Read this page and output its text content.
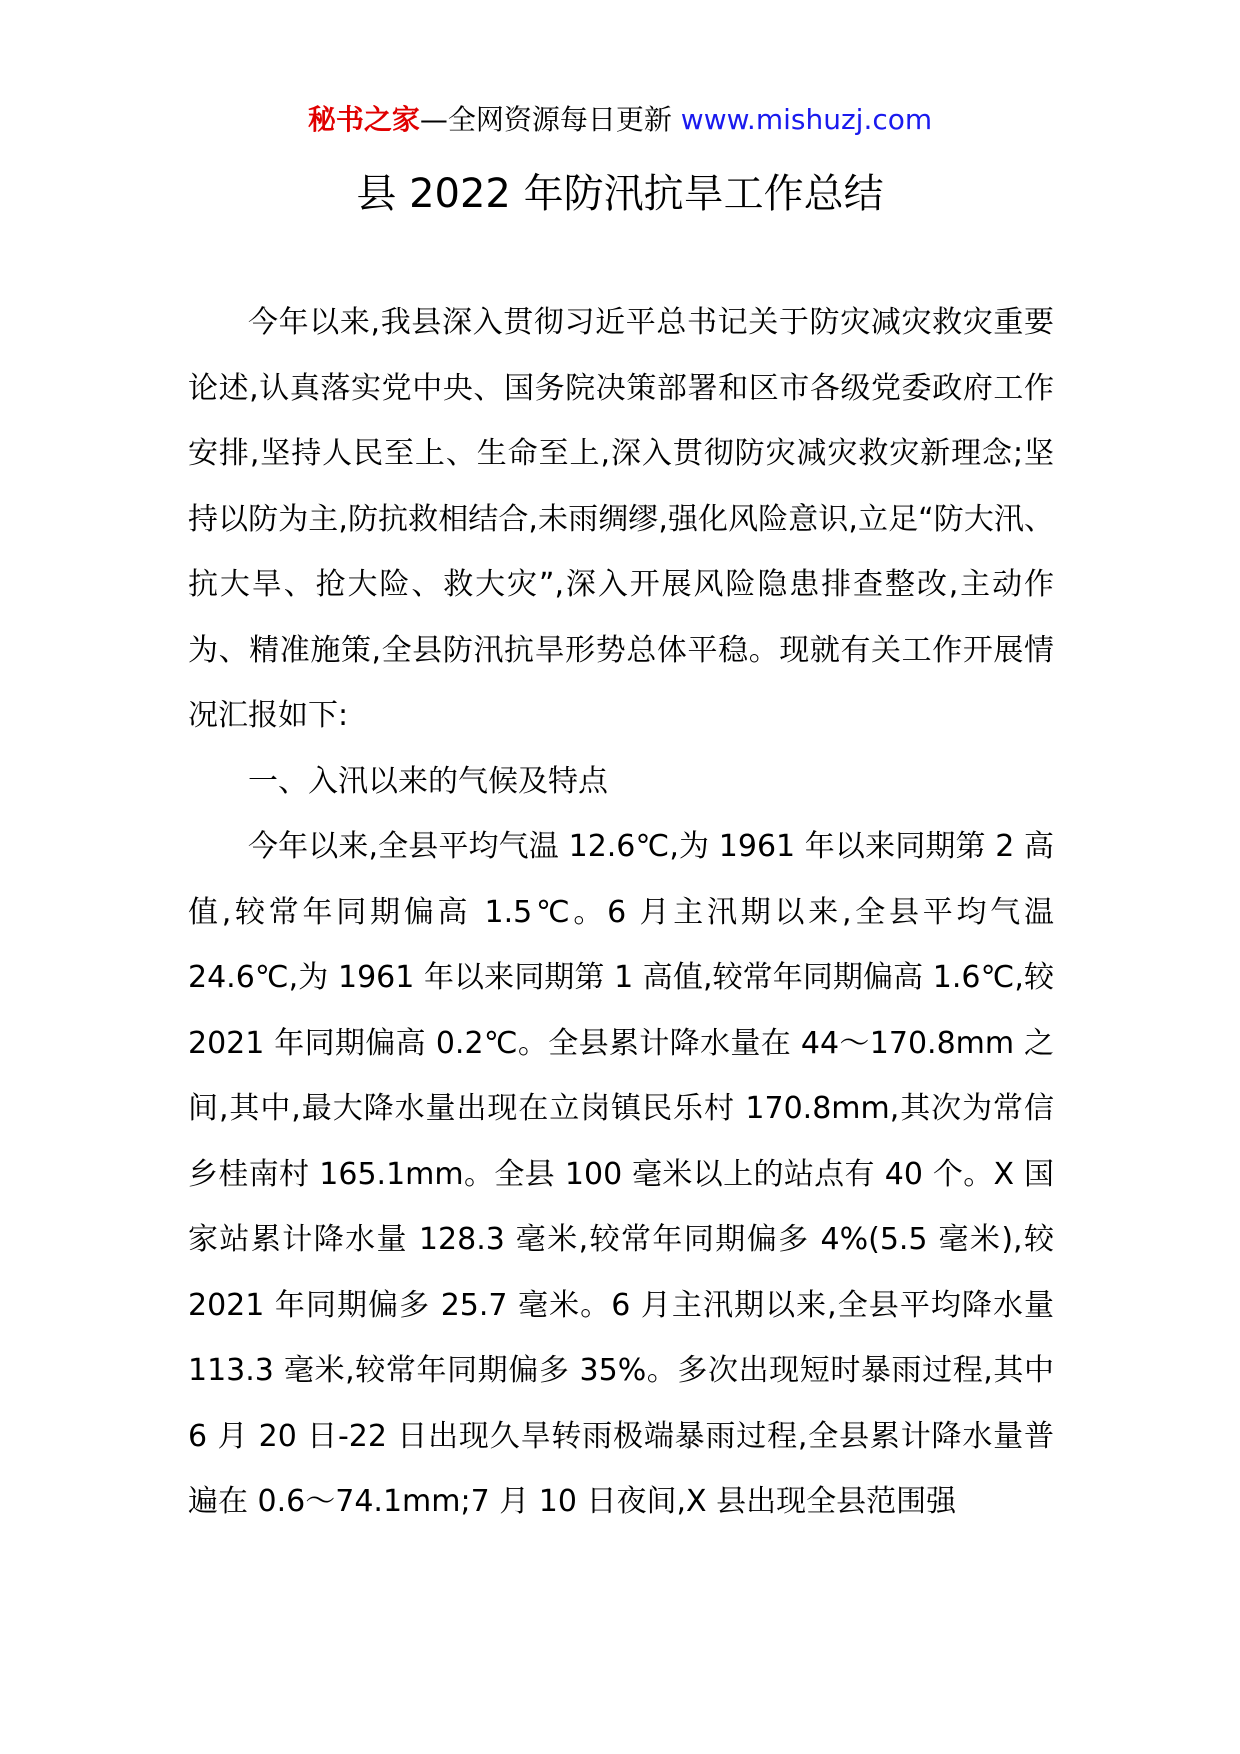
秘书之家—全网资源每日更新 www.mishuzj.com
县 2022 年防汛抗旱工作总结

今年以来,我县深入贯彻习近平总书记关于防灾减灾救灾重要论述,认真落实党中央、国务院决策部署和区市各级党委政府工作安排,坚持人民至上、生命至上,深入贯彻防灾减灾救灾新理念;坚持以防为主,防抗救相结合,未雨绸缪,强化风险意识,立足“防大汛、抗大旱、抢大险、救大灾”,深入开展风险隐患排查整改,主动作为、精准施策,全县防汛抗旱形势总体平稳。现就有关工作开展情况汇报如下:

一、入汛以来的气候及特点

今年以来,全县平均气温 12.6℃,为 1961 年以来同期第 2 高值,较常年同期偏高 1.5℃。6 月主汛期以来,全县平均气温 24.6℃,为 1961 年以来同期第 1 高值,较常年同期偏高 1.6℃,较 2021 年同期偏高 0.2℃。全县累计降水量在 44～170.8mm 之间,其中,最大降水量出现在立岗镇民乐村 170.8mm,其次为常信乡桂南村 165.1mm。全县 100 毫米以上的站点有 40 个。X 国家站累计降水量 128.3 毫米,较常年同期偏多 4%(5.5 毫米),较 2021 年同期偏多 25.7 毫米。6 月主汛期以来,全县平均降水量 113.3 毫米,较常年同期偏多 35%。多次出现短时暴雨过程,其中 6 月 20 日-22 日出现久旱转雨极端暴雨过程,全县累计降水量普遍在 0.6～74.1mm;7 月 10 日夜间,X 县出现全县范围强
